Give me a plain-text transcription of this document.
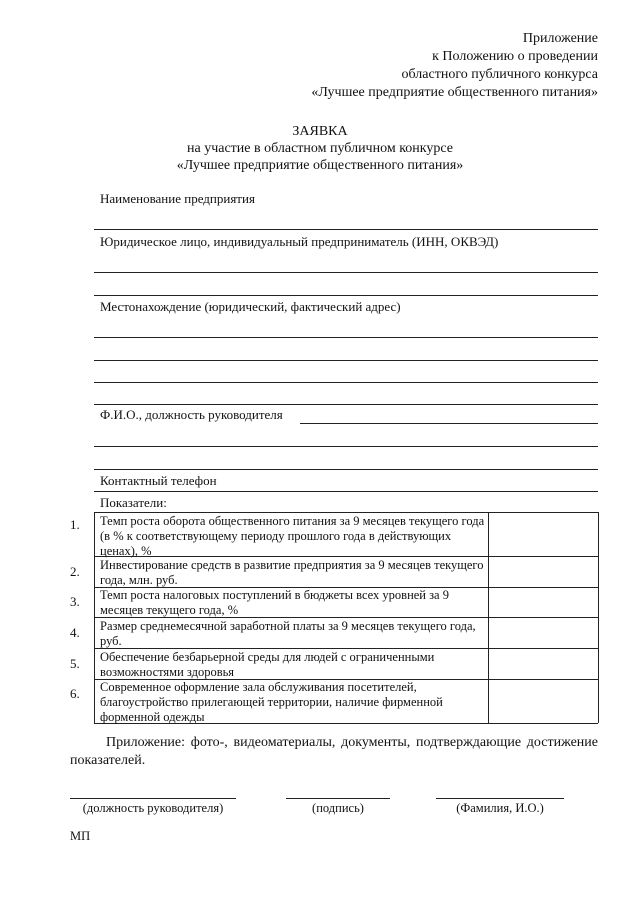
Приложение
к Положению о проведении
областного публичного конкурса
«Лучшее предприятие общественного питания»
ЗАЯВКА
на участие в областном публичном конкурсе
«Лучшее предприятие общественного питания»
Наименование предприятия
Юридическое лицо, индивидуальный предприниматель (ИНН, ОКВЭД)
Местонахождение (юридический, фактический адрес)
Ф.И.О., должность руководителя
Контактный телефон
Показатели:
1.	Темп роста оборота общественного питания за 9 месяцев текущего года (в % к соответствующему периоду прошлого года в действующих ценах), %
2.	Инвестирование средств в развитие предприятия за 9 месяцев текущего года, млн. руб.
3.	Темп роста налоговых поступлений в бюджеты всех уровней за 9 месяцев текущего года, %
4.	Размер среднемесячной заработной платы за 9 месяцев текущего года, руб.
5.	Обеспечение безбарьерной среды для людей с ограниченными возможностями здоровья
6.	Современное оформление зала обслуживания посетителей, благоустройство прилегающей территории, наличие фирменной форменной одежды
Приложение: фото-, видеоматериалы, документы, подтверждающие достижение показателей.
(должность руководителя)	(подпись)	(Фамилия, И.О.)
МП
